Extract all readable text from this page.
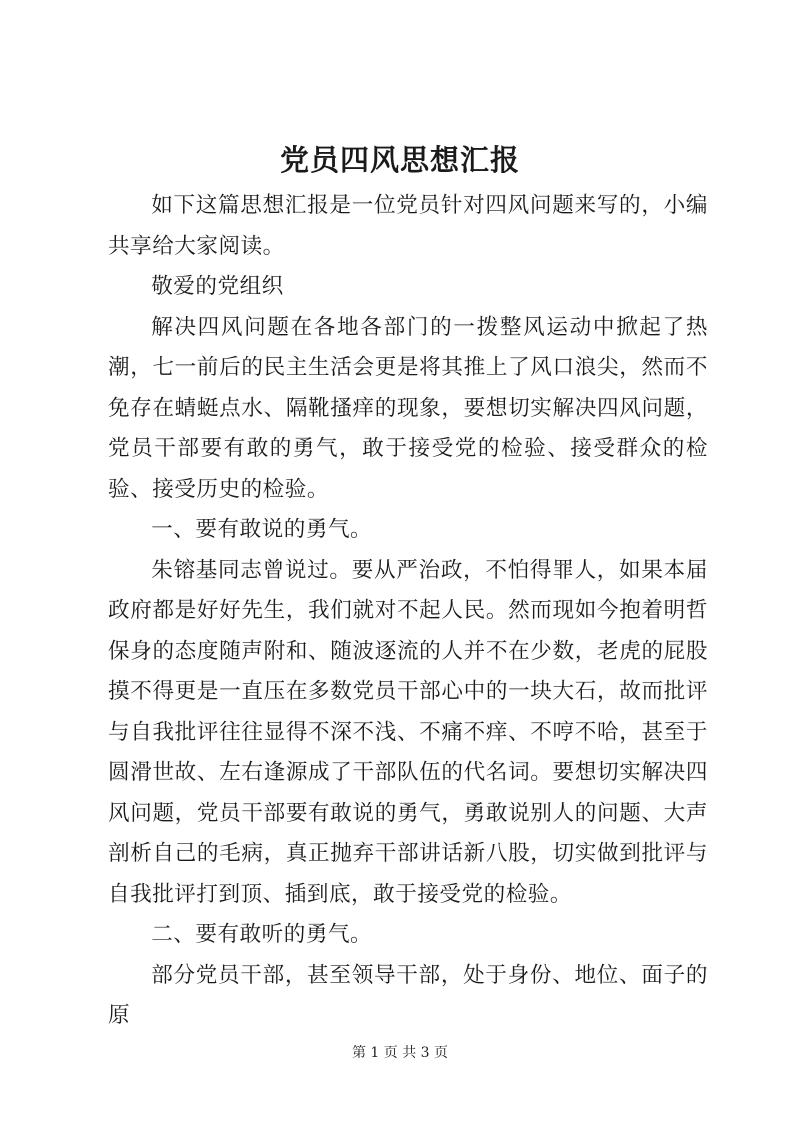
党员四风思想汇报

如下这篇思想汇报是一位党员针对四风问题来写的，小编共享给大家阅读。

敬爱的党组织

解决四风问题在各地各部门的一拨整风运动中掀起了热潮，七一前后的民主生活会更是将其推上了风口浪尖，然而不免存在蜻蜓点水、隔靴搔痒的现象，要想切实解决四风问题，党员干部要有敢的勇气，敢于接受党的检验、接受群众的检验、接受历史的检验。

一、要有敢说的勇气。

朱镕基同志曾说过。要从严治政，不怕得罪人，如果本届政府都是好好先生，我们就对不起人民。然而现如今抱着明哲保身的态度随声附和、随波逐流的人并不在少数，老虎的屁股摸不得更是一直压在多数党员干部心中的一块大石，故而批评与自我批评往往显得不深不浅、不痛不痒、不哼不哈，甚至于圆滑世故、左右逢源成了干部队伍的代名词。要想切实解决四风问题，党员干部要有敢说的勇气，勇敢说别人的问题、大声剖析自己的毛病，真正抛弃干部讲话新八股，切实做到批评与自我批评打到顶、插到底，敢于接受党的检验。

二、要有敢听的勇气。

部分党员干部，甚至领导干部，处于身份、地位、面子的原

第 1 页 共 3 页
